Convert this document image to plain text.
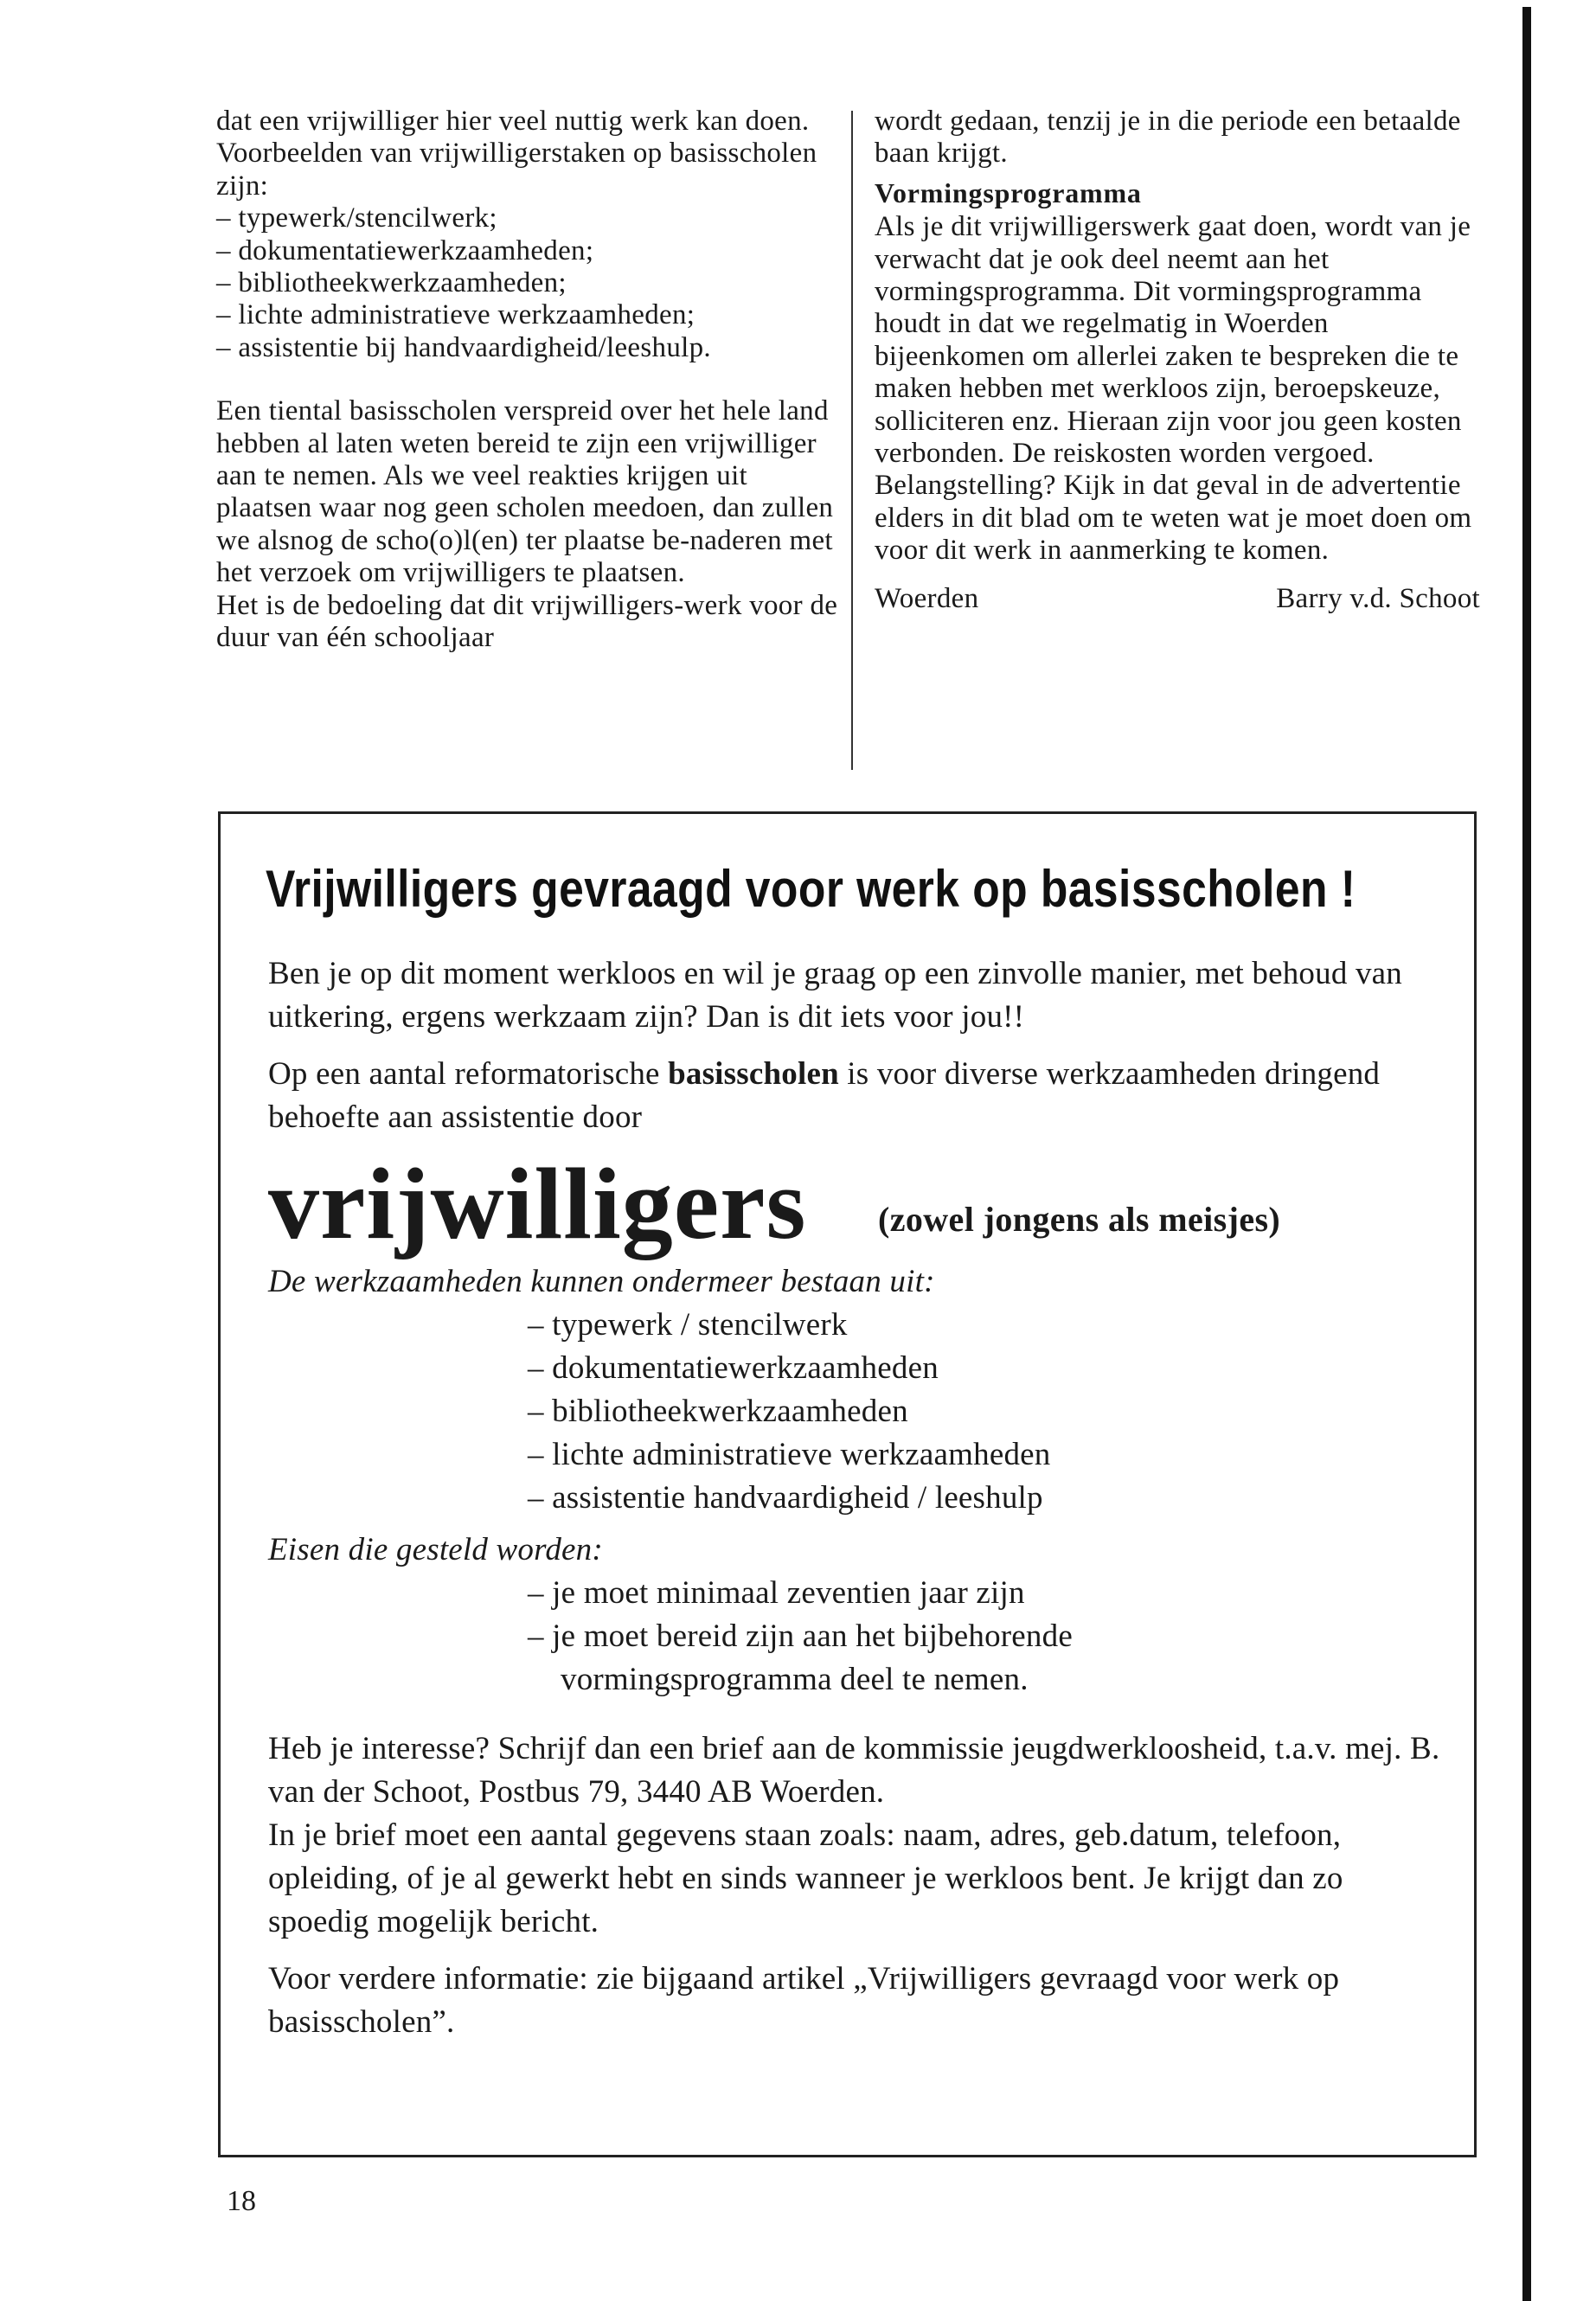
dat een vrijwilliger hier veel nuttig werk kan doen.

Voorbeelden van vrijwilligerstaken op basisscholen zijn:

– typewerk/stencilwerk;
– dokumentatiewerkzaamheden;
– bibliotheekwerkzaamheden;
– lichte administratieve werkzaamheden;
– assistentie bij handvaardigheid/leeshulp.

Een tiental basisscholen verspreid over het hele land hebben al laten weten bereid te zijn een vrijwilliger aan te nemen. Als we veel reakties krijgen uit plaatsen waar nog geen scholen meedoen, dan zullen we alsnog de scho(o)l(en) ter plaatse be-naderen met het verzoek om vrijwilligers te plaatsen.

Het is de bedoeling dat dit vrijwilligers-werk voor de duur van één schooljaar

wordt gedaan, tenzij je in die periode een betaalde baan krijgt.

Vormingsprogramma

Als je dit vrijwilligerswerk gaat doen, wordt van je verwacht dat je ook deel neemt aan het vormingsprogramma. Dit vormingsprogramma houdt in dat we regelmatig in Woerden bijeenkomen om allerlei zaken te bespreken die te maken hebben met werkloos zijn, beroepskeuze, solliciteren enz. Hieraan zijn voor jou geen kosten verbonden. De reiskosten worden vergoed.

Belangstelling? Kijk in dat geval in de advertentie elders in dit blad om te weten wat je moet doen om voor dit werk in aanmerking te komen.

Woerden	Barry v.d. Schoot

Vrijwilligers gevraagd voor werk op basisscholen !

Ben je op dit moment werkloos en wil je graag op een zinvolle manier, met behoud van uitkering, ergens werkzaam zijn? Dan is dit iets voor jou!!

Op een aantal reformatorische basisscholen is voor diverse werkzaamheden dringend behoefte aan assistentie door

vrijwilligers (zowel jongens als meisjes)

De werkzaamheden kunnen ondermeer bestaan uit:

– typewerk / stencilwerk
– dokumentatiewerkzaamheden
– bibliotheekwerkzaamheden
– lichte administratieve werkzaamheden
– assistentie handvaardigheid / leeshulp

Eisen die gesteld worden:

– je moet minimaal zeventien jaar zijn
– je moet bereid zijn aan het bijbehorende
vormingsprogramma deel te nemen.

Heb je interesse? Schrijf dan een brief aan de kommissie jeugdwerkloosheid, t.a.v. mej. B. van der Schoot, Postbus 79, 3440 AB Woerden.

In je brief moet een aantal gegevens staan zoals: naam, adres, geb.datum, telefoon, opleiding, of je al gewerkt hebt en sinds wanneer je werkloos bent. Je krijgt dan zo spoedig mogelijk bericht.

Voor verdere informatie: zie bijgaand artikel „Vrijwilligers gevraagd voor werk op basisscholen”.

18
